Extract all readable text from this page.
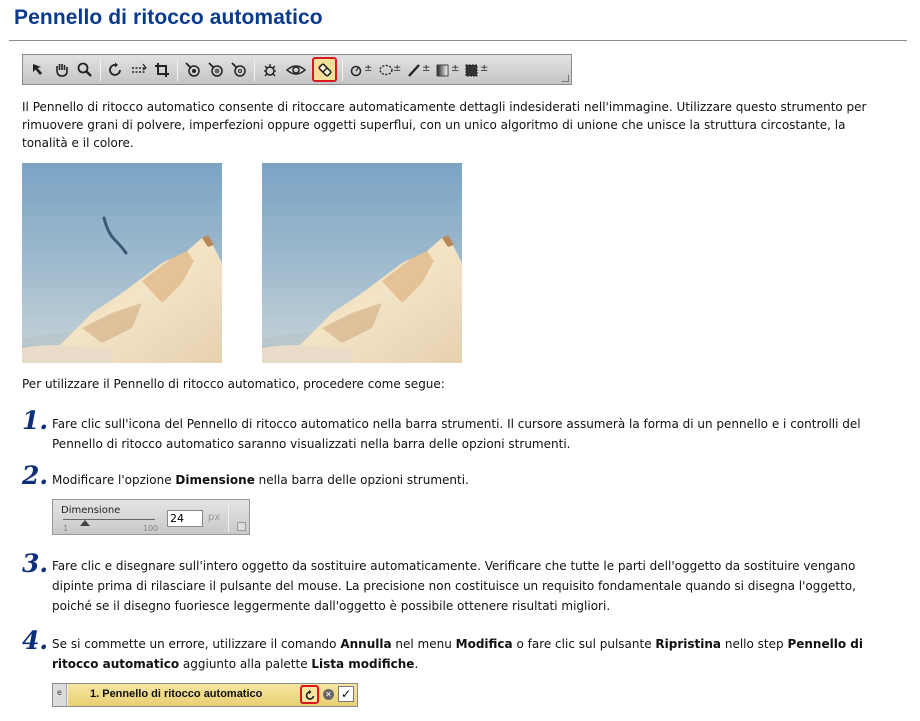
Pennello di ritocco automatico
± ± ± ± ±

Il Pennello di ritocco automatico consente di ritoccare automaticamente dettagli indesiderati nell'immagine. Utilizzare questo strumento per rimuovere grani di polvere, imperfezioni oppure oggetti superflui, con un unico algoritmo di unione che unisce la struttura circostante, la tonalità e il colore.

Per utilizzare il Pennello di ritocco automatico, procedere come segue:

1. Fare clic sull'icona del Pennello di ritocco automatico nella barra strumenti. Il cursore assumerà la forma di un pennello e i controlli del Pennello di ritocco automatico saranno visualizzati nella barra delle opzioni strumenti.
2. Modificare l'opzione Dimensione nella barra delle opzioni strumenti.
Dimensione
1	100
24	px
3. Fare clic e disegnare sull'intero oggetto da sostituire automaticamente. Verificare che tutte le parti dell'oggetto da sostituire vengano dipinte prima di rilasciare il pulsante del mouse. La precisione non costituisce un requisito fondamentale quando si disegna l'oggetto, poiché se il disegno fuoriesce leggermente dall'oggetto è possibile ottenere risultati migliori.
4. Se si commette un errore, utilizzare il comando Annulla nel menu Modifica o fare clic sul pulsante Ripristina nello step Pennello di ritocco automatico aggiunto alla palette Lista modifiche.
e	1. Pennello di ritocco automatico	✕ ✓
